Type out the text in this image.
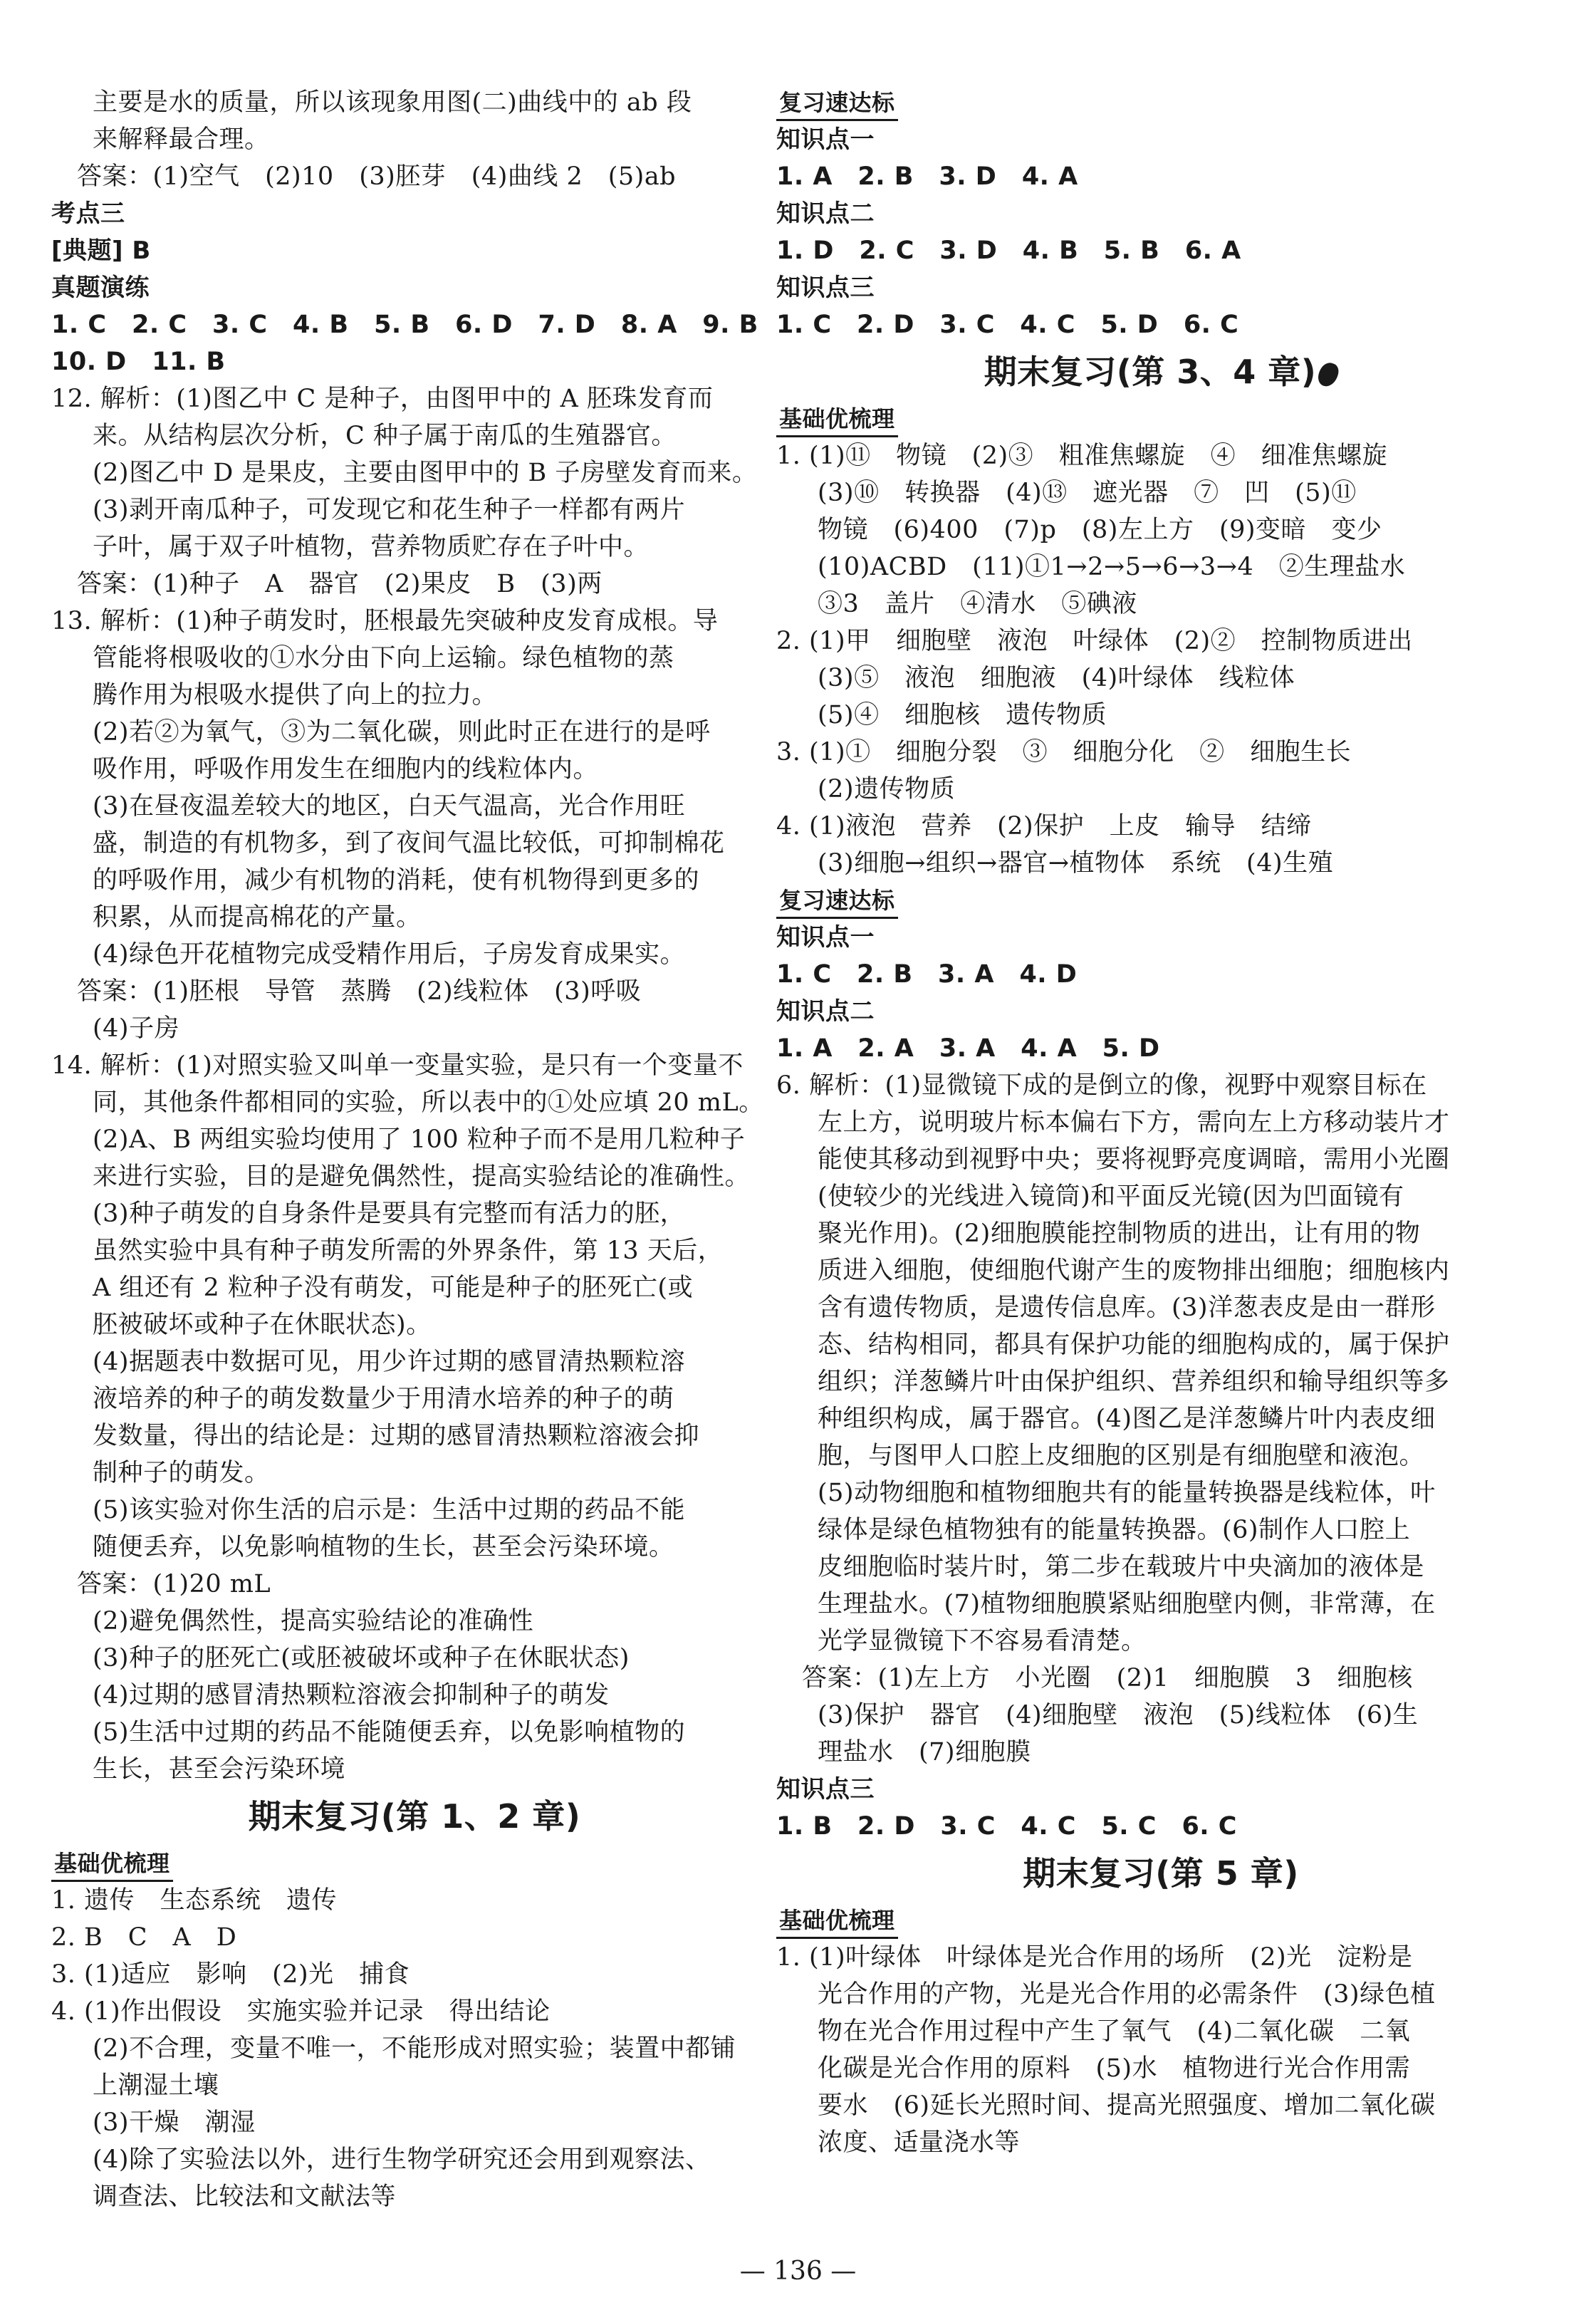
主要是水的质量，所以该现象用图(二)曲线中的 ab 段
来解释最合理。
答案：(1)空气　(2)10　(3)胚芽　(4)曲线 2　(5)ab
考点三
[典题] B
真题演练
1. C　2. C　3. C　4. B　5. B　6. D　7. D　8. A　9. B
10. D　11. B
12. 解析：(1)图乙中 C 是种子，由图甲中的 A 胚珠发育而
来。从结构层次分析，C 种子属于南瓜的生殖器官。
(2)图乙中 D 是果皮，主要由图甲中的 B 子房壁发育而来。
(3)剥开南瓜种子，可发现它和花生种子一样都有两片
子叶，属于双子叶植物，营养物质贮存在子叶中。
答案：(1)种子　A　器官　(2)果皮　B　(3)两
13. 解析：(1)种子萌发时，胚根最先突破种皮发育成根。导
管能将根吸收的①水分由下向上运输。绿色植物的蒸
腾作用为根吸水提供了向上的拉力。
(2)若②为氧气，③为二氧化碳，则此时正在进行的是呼
吸作用，呼吸作用发生在细胞内的线粒体内。
(3)在昼夜温差较大的地区，白天气温高，光合作用旺
盛，制造的有机物多，到了夜间气温比较低，可抑制棉花
的呼吸作用，减少有机物的消耗，使有机物得到更多的
积累，从而提高棉花的产量。
(4)绿色开花植物完成受精作用后，子房发育成果实。
答案：(1)胚根　导管　蒸腾　(2)线粒体　(3)呼吸
(4)子房
14. 解析：(1)对照实验又叫单一变量实验，是只有一个变量不
同，其他条件都相同的实验，所以表中的①处应填 20 mL。
(2)A、B 两组实验均使用了 100 粒种子而不是用几粒种子
来进行实验，目的是避免偶然性，提高实验结论的准确性。
(3)种子萌发的自身条件是要具有完整而有活力的胚，
虽然实验中具有种子萌发所需的外界条件，第 13 天后，
A 组还有 2 粒种子没有萌发，可能是种子的胚死亡(或
胚被破坏或种子在休眠状态)。
(4)据题表中数据可见，用少许过期的感冒清热颗粒溶
液培养的种子的萌发数量少于用清水培养的种子的萌
发数量，得出的结论是：过期的感冒清热颗粒溶液会抑
制种子的萌发。
(5)该实验对你生活的启示是：生活中过期的药品不能
随便丢弃，以免影响植物的生长，甚至会污染环境。
答案：(1)20 mL
(2)避免偶然性，提高实验结论的准确性
(3)种子的胚死亡(或胚被破坏或种子在休眠状态)
(4)过期的感冒清热颗粒溶液会抑制种子的萌发
(5)生活中过期的药品不能随便丢弃，以免影响植物的
生长，甚至会污染环境
期末复习(第 1、2 章)
基础优梳理
1. 遗传　生态系统　遗传
2. B　C　A　D
3. (1)适应　影响　(2)光　捕食
4. (1)作出假设　实施实验并记录　得出结论
(2)不合理，变量不唯一，不能形成对照实验；装置中都铺
上潮湿土壤
(3)干燥　潮湿
(4)除了实验法以外，进行生物学研究还会用到观察法、
调查法、比较法和文献法等
复习速达标
知识点一
1. A　2. B　3. D　4. A
知识点二
1. D　2. C　3. D　4. B　5. B　6. A
知识点三
1. C　2. D　3. C　4. C　5. D　6. C
期末复习(第 3、4 章)
基础优梳理
1. (1)⑪　物镜　(2)③　粗准焦螺旋　④　细准焦螺旋
(3)⑩　转换器　(4)⑬　遮光器　⑦　凹　(5)⑪
物镜　(6)400　(7)p　(8)左上方　(9)变暗　变少
(10)ACBD　(11)①1→2→5→6→3→4　②生理盐水
③3　盖片　④清水　⑤碘液
2. (1)甲　细胞壁　液泡　叶绿体　(2)②　控制物质进出
(3)⑤　液泡　细胞液　(4)叶绿体　线粒体
(5)④　细胞核　遗传物质
3. (1)①　细胞分裂　③　细胞分化　②　细胞生长
(2)遗传物质
4. (1)液泡　营养　(2)保护　上皮　输导　结缔
(3)细胞→组织→器官→植物体　系统　(4)生殖
复习速达标
知识点一
1. C　2. B　3. A　4. D
知识点二
1. A　2. A　3. A　4. A　5. D
6. 解析：(1)显微镜下成的是倒立的像，视野中观察目标在
左上方，说明玻片标本偏右下方，需向左上方移动装片才
能使其移动到视野中央；要将视野亮度调暗，需用小光圈
(使较少的光线进入镜筒)和平面反光镜(因为凹面镜有
聚光作用)。(2)细胞膜能控制物质的进出，让有用的物
质进入细胞，使细胞代谢产生的废物排出细胞；细胞核内
含有遗传物质，是遗传信息库。(3)洋葱表皮是由一群形
态、结构相同，都具有保护功能的细胞构成的，属于保护
组织；洋葱鳞片叶由保护组织、营养组织和输导组织等多
种组织构成，属于器官。(4)图乙是洋葱鳞片叶内表皮细
胞，与图甲人口腔上皮细胞的区别是有细胞壁和液泡。
(5)动物细胞和植物细胞共有的能量转换器是线粒体，叶
绿体是绿色植物独有的能量转换器。(6)制作人口腔上
皮细胞临时装片时，第二步在载玻片中央滴加的液体是
生理盐水。(7)植物细胞膜紧贴细胞壁内侧，非常薄，在
光学显微镜下不容易看清楚。
答案：(1)左上方　小光圈　(2)1　细胞膜　3　细胞核
(3)保护　器官　(4)细胞壁　液泡　(5)线粒体　(6)生
理盐水　(7)细胞膜
知识点三
1. B　2. D　3. C　4. C　5. C　6. C
期末复习(第 5 章)
基础优梳理
1. (1)叶绿体　叶绿体是光合作用的场所　(2)光　淀粉是
光合作用的产物，光是光合作用的必需条件　(3)绿色植
物在光合作用过程中产生了氧气　(4)二氧化碳　二氧
化碳是光合作用的原料　(5)水　植物进行光合作用需
要水　(6)延长光照时间、提高光照强度、增加二氧化碳
浓度、适量浇水等
— 136 —
